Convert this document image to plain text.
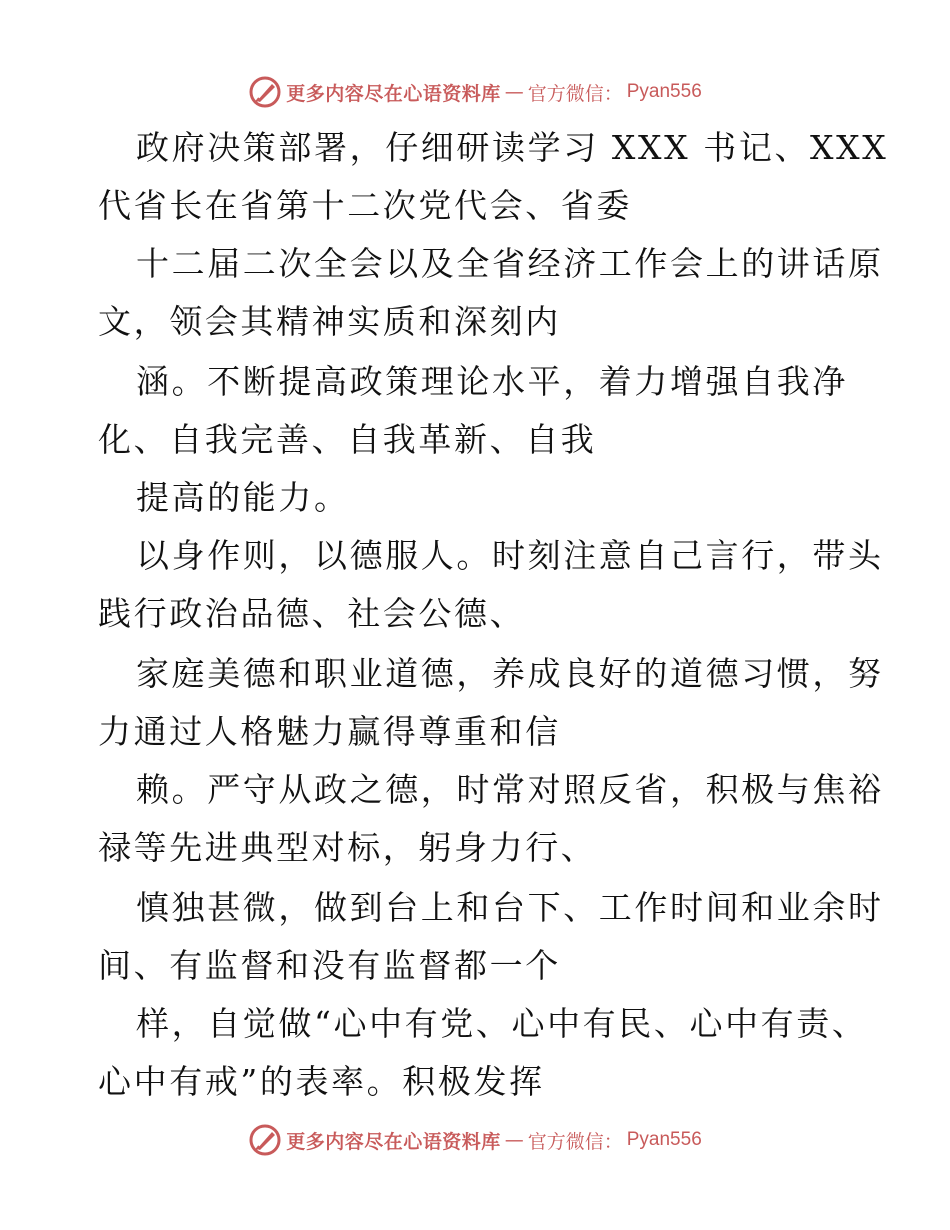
更多内容尽在心语资料库 — 官方微信： Pyan556
政府决策部署，仔细研读学习 XXX 书记、XXX
代省长在省第十二次党代会、省委
十二届二次全会以及全省经济工作会上的讲话原
文，领会其精神实质和深刻内
涵。不断提高政策理论水平，着力增强自我净
化、自我完善、自我革新、自我
提高的能力。
以身作则，以德服人。时刻注意自己言行，带头
践行政治品德、社会公德、
家庭美德和职业道德，养成良好的道德习惯，努
力通过人格魅力赢得尊重和信
赖。严守从政之德，时常对照反省，积极与焦裕
禄等先进典型对标，躬身力行、
慎独甚微，做到台上和台下、工作时间和业余时
间、有监督和没有监督都一个
样，自觉做“心中有党、心中有民、心中有责、
心中有戒”的表率。积极发挥
更多内容尽在心语资料库 — 官方微信： Pyan556
